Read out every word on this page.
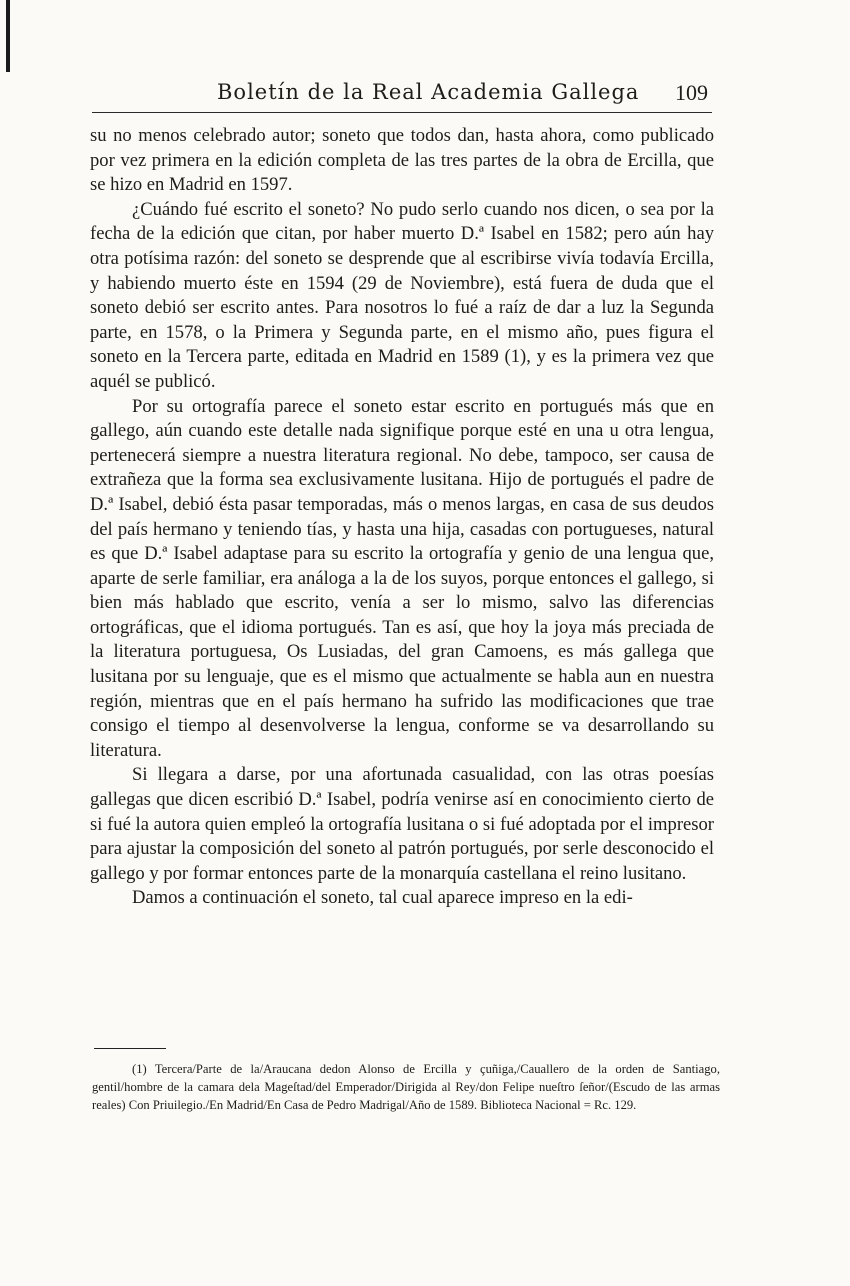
Boletín de la Real Academia Gallega 109

su no menos celebrado autor; soneto que todos dan, hasta ahora, como publicado por vez primera en la edición completa de las tres partes de la obra de Ercilla, que se hizo en Madrid en 1597.

¿Cuándo fué escrito el soneto? No pudo serlo cuando nos dicen, o sea por la fecha de la edición que citan, por haber muerto D.ª Isabel en 1582; pero aún hay otra potísima razón: del soneto se desprende que al escribirse vivía todavía Ercilla, y habiendo muerto éste en 1594 (29 de Noviembre), está fuera de duda que el soneto debió ser escrito antes. Para nosotros lo fué a raíz de dar a luz la Segunda parte, en 1578, o la Primera y Segunda parte, en el mismo año, pues figura el soneto en la Tercera parte, editada en Madrid en 1589 (1), y es la primera vez que aquél se publicó.

Por su ortografía parece el soneto estar escrito en portugués más que en gallego, aún cuando este detalle nada signifique porque esté en una u otra lengua, pertenecerá siempre a nuestra literatura regional. No debe, tampoco, ser causa de extrañeza que la forma sea exclusivamente lusitana. Hijo de portugués el padre de D.ª Isabel, debió ésta pasar temporadas, más o menos largas, en casa de sus deudos del país hermano y teniendo tías, y hasta una hija, casadas con portugueses, natural es que D.ª Isabel adaptase para su escrito la ortografía y genio de una lengua que, aparte de serle familiar, era análoga a la de los suyos, porque entonces el gallego, si bien más hablado que escrito, venía a ser lo mismo, salvo las diferencias ortográficas, que el idioma portugués. Tan es así, que hoy la joya más preciada de la literatura portuguesa, Os Lusiadas, del gran Camoens, es más gallega que lusitana por su lenguaje, que es el mismo que actualmente se habla aun en nuestra región, mientras que en el país hermano ha sufrido las modificaciones que trae consigo el tiempo al desenvolverse la lengua, conforme se va desarrollando su literatura.

Si llegara a darse, por una afortunada casualidad, con las otras poesías gallegas que dicen escribió D.ª Isabel, podría venirse así en conocimiento cierto de si fué la autora quien empleó la ortografía lusitana o si fué adoptada por el impresor para ajustar la composición del soneto al patrón portugués, por serle desconocido el gallego y por formar entonces parte de la monarquía castellana el reino lusitano.

Damos a continuación el soneto, tal cual aparece impreso en la edi-

(1) Tercera/Parte de la/Araucana dedon Alonso de Ercilla y çuñiga,/Cauallero de la orden de Santiago, gentil/hombre de la camara dela Mageſtad/del Emperador/Dirigida al Rey/don Felipe nueſtro ſeñor/(Escudo de las armas reales) Con Priuilegio./En Madrid/En Casa de Pedro Madrigal/Año de 1589. Biblioteca Nacional = Rc. 129.
